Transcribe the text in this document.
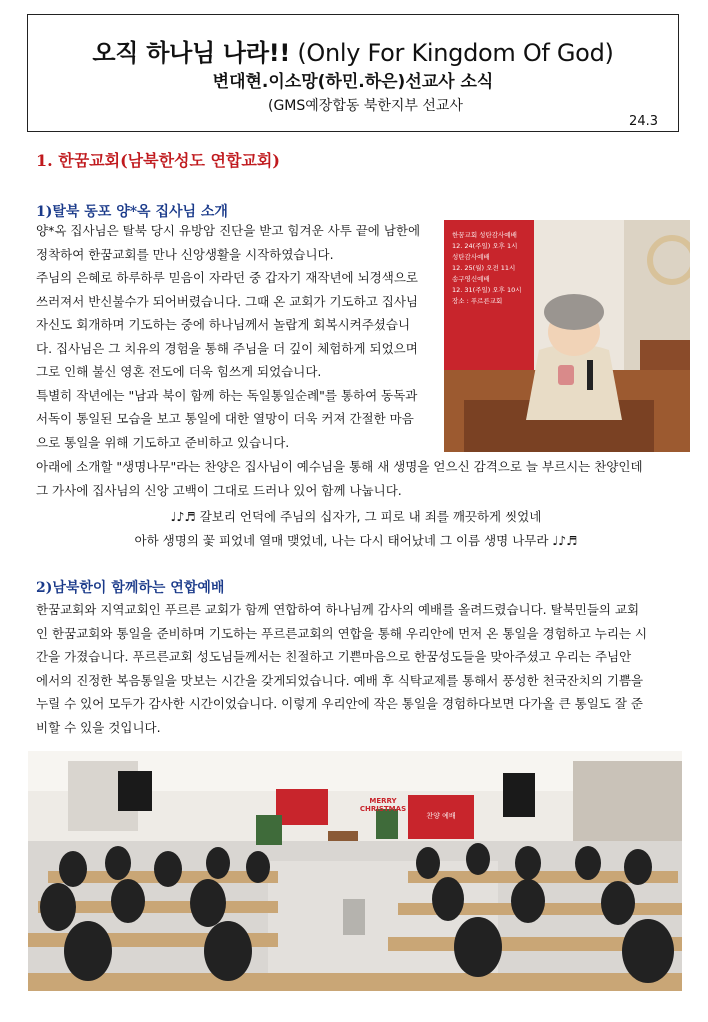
오직 하나님 나라!! (Only For Kingdom Of God)
변대현.이소망(하민.하은)선교사 소식
(GMS예장합동 북한지부 선교사
24.3
1. 한꿈교회(남북한성도 연합교회)
1)탈북 동포 양*옥 집사님 소개

양*옥 집사님은 탈북 당시 유방암 진단을 받고 힘겨운 사투 끝에 남한에

정착하여 한꿈교회를 만나 신앙생활을 시작하였습니다.

주님의 은혜로 하루하루 믿음이 자라던 중 갑자기 재작년에 뇌경색으로

쓰러져서 반신불수가 되어버렸습니다. 그때 온 교회가 기도하고 집사님

자신도 회개하며 기도하는 중에 하나님께서 놀랍게 회복시켜주셨습니

다. 집사님은 그 치유의 경험을 통해 주님을 더 깊이 체험하게 되었으며

그로 인해 불신 영혼 전도에 더욱 힘쓰게 되었습니다.

특별히 작년에는 "남과 북이 함께 하는 독일통일순례"를 통하여 동독과

서독이 통일된 모습을 보고 통일에 대한 열망이 더욱 커져 간절한 마음

으로 통일을 위해 기도하고 준비하고 있습니다.

한꿈교회 성탄감사예배
12. 24(주일) 오후 1시
성탄감사예배
12. 25(월) 오전 11시
송구영신예배
12. 31(주일) 오후 10시
장소 : 푸르른교회

아래에 소개할 "생명나무"라는 찬양은 집사님이 예수님을 통해 새 생명을 얻으신 감격으로 늘 부르시는 찬양인데

그 가사에 집사님의 신앙 고백이 그대로 드러나 있어 함께 나눕니다.

♩♪♬ 갈보리 언덕에 주님의 십자가, 그 피로 내 죄를 깨끗하게 씻었네
아하 생명의 꽃 피었네 열매 맺었네, 나는 다시 태어났네 그 이름 생명 나무라 ♩♪♬
2)남북한이 함께하는 연합예배

한꿈교회와 지역교회인 푸르른 교회가 함께 연합하여 하나님께 감사의 예배를 올려드렸습니다. 탈북민들의 교회

인 한꿈교회와 통일을 준비하며 기도하는 푸르른교회의 연합을 통해 우리안에 먼저 온 통일을 경험하고 누리는 시

간을 가졌습니다. 푸르른교회 성도님들께서는 친절하고 기쁜마음으로 한꿈성도들을 맞아주셨고 우리는 주님안

에서의 진정한 복음통일을 맛보는 시간을 갖게되었습니다. 예배 후 식탁교제를 통해서 풍성한 천국잔치의 기쁨을

누릴 수 있어 모두가 감사한 시간이었습니다. 이렇게 우리안에 작은 통일을 경험하다보면 다가올 큰 통일도 잘 준

비할 수 있을 것입니다.

MERRY CHRISTMAS
찬양 예배
